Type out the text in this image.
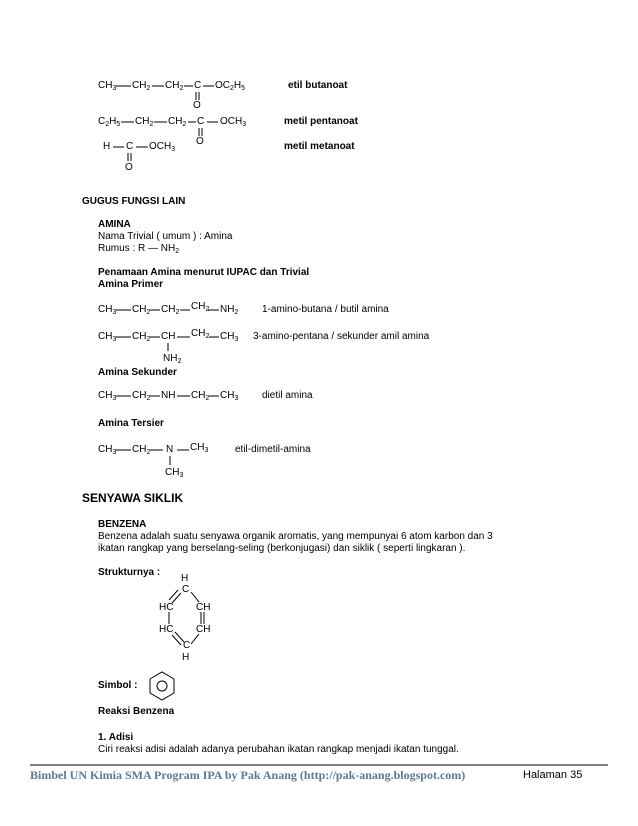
$CH_3$ $CH_2$ $CH_2$ C $OC_2H_5$
O
etil butanoat
$C_2H_5$ $CH_2$ $CH_2$ C $OCH_3$
O
metil pentanoat
H C $OCH_3$
O
metil metanoat
GUGUS FUNGSI LAIN
AMINA
Nama Trivial ( umum ) : Amina
Rumus : R — $NH_2$
Penamaan Amina menurut IUPAC dan Trivial
Amina Primer
$CH_3$ $CH_2$ $CH_2$
$CH_2$ $NH_2$ 1-amino-butana / butil amina
$CH_3$ $CH_2$ CH $CH_2$ $CH_3$
$NH_2$
3-amino-pentana / sekunder amil amina
Amina Sekunder
$CH_3$ $CH_2$ NH $CH_2$ $CH_3$ dietil amina
Amina Tersier
$CH_3$ $CH_2$ N $CH_3$
$CH_3$
etil-dimetil-amina
SENYAWA SIKLIK
BENZENA
Benzena adalah suatu senyawa organik aromatis, yang mempunyai 6 atom karbon dan 3
ikatan rangkap yang berselang-seling (berkonjugasi) dan siklik ( seperti lingkaran ).
Strukturnya :
H
C
HC CH
HC CH
C
H
Simbol :
Reaksi Benzena
1. Adisi
Ciri reaksi adisi adalah adanya perubahan ikatan rangkap menjadi ikatan tunggal.
Bimbel UN Kimia SMA Program IPA by Pak Anang (http://pak-anang.blogspot.com)	Halaman 35
